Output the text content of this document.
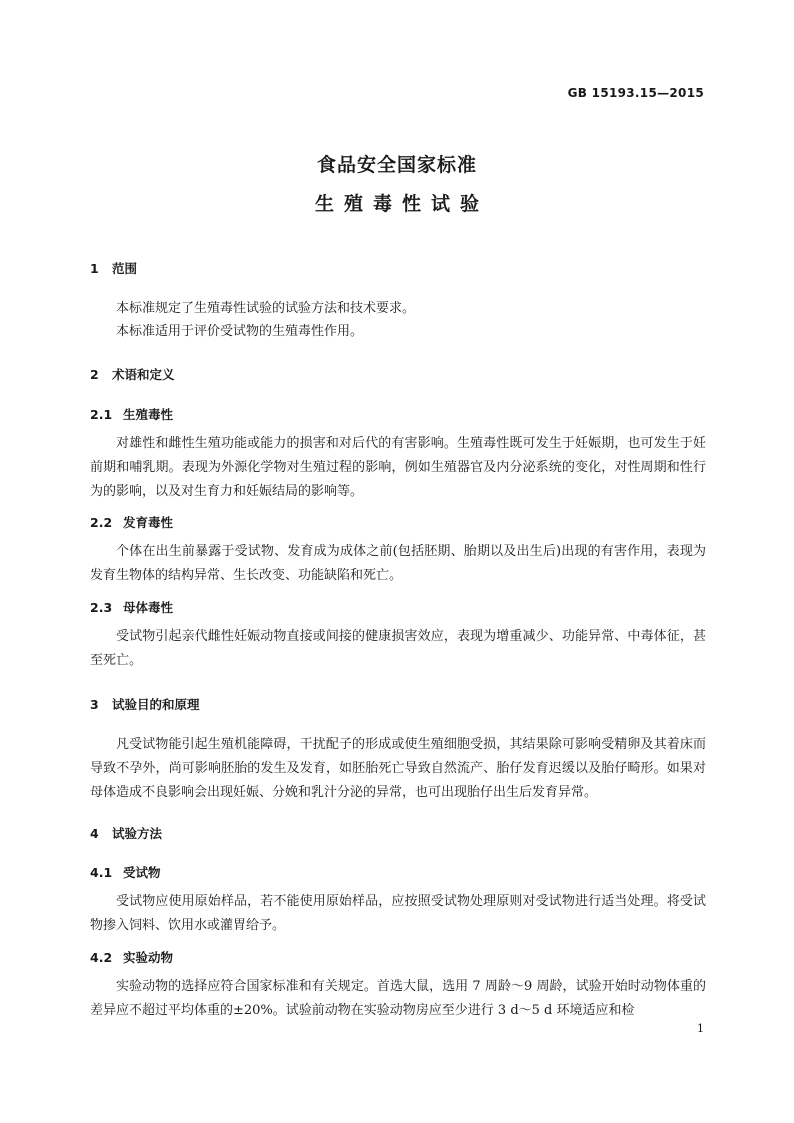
GB 15193.15—2015
食品安全国家标准
生殖毒性试验
1 范围
本标准规定了生殖毒性试验的试验方法和技术要求。
本标准适用于评价受试物的生殖毒性作用。
2 术语和定义
2.1 生殖毒性
对雄性和雌性生殖功能或能力的损害和对后代的有害影响。生殖毒性既可发生于妊娠期，也可发生于妊前期和哺乳期。表现为外源化学物对生殖过程的影响，例如生殖器官及内分泌系统的变化，对性周期和性行为的影响，以及对生育力和妊娠结局的影响等。
2.2 发育毒性
个体在出生前暴露于受试物、发育成为成体之前(包括胚期、胎期以及出生后)出现的有害作用，表现为发育生物体的结构异常、生长改变、功能缺陷和死亡。
2.3 母体毒性
受试物引起亲代雌性妊娠动物直接或间接的健康损害效应，表现为增重减少、功能异常、中毒体征，甚至死亡。
3 试验目的和原理
凡受试物能引起生殖机能障碍，干扰配子的形成或使生殖细胞受损，其结果除可影响受精卵及其着床而导致不孕外，尚可影响胚胎的发生及发育，如胚胎死亡导致自然流产、胎仔发育迟缓以及胎仔畸形。如果对母体造成不良影响会出现妊娠、分娩和乳汁分泌的异常，也可出现胎仔出生后发育异常。
4 试验方法
4.1 受试物
受试物应使用原始样品，若不能使用原始样品，应按照受试物处理原则对受试物进行适当处理。将受试物掺入饲料、饮用水或灌胃给予。
4.2 实验动物
实验动物的选择应符合国家标准和有关规定。首选大鼠，选用 7 周龄～9 周龄，试验开始时动物体重的差异应不超过平均体重的±20%。试验前动物在实验动物房应至少进行 3 d～5 d 环境适应和检
1
